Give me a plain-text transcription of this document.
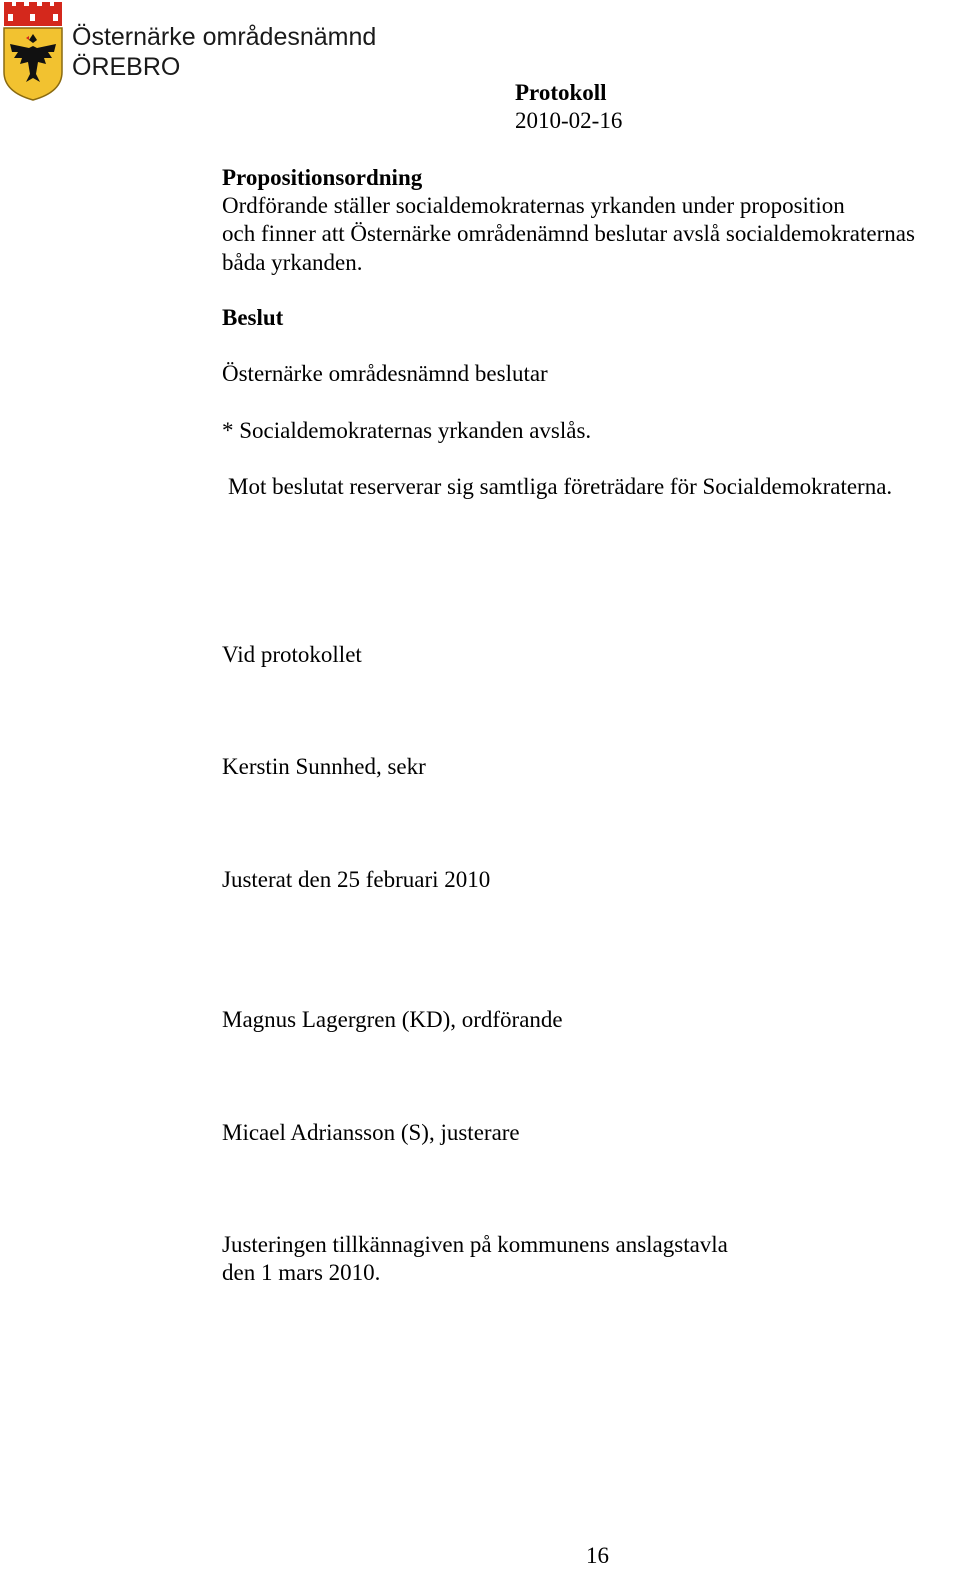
Östernärke områdesnämnd
ÖREBRO
Protokoll
2010-02-16
Propositionsordning
Ordförande ställer socialdemokraternas yrkanden under proposition
och finner att Östernärke områdenämnd beslutar avslå socialdemokraternas
båda yrkanden.
Beslut
Östernärke områdesnämnd beslutar
* Socialdemokraternas yrkanden avslås.
Mot beslutat reserverar sig samtliga företrädare för Socialdemokraterna.
Vid protokollet
Kerstin Sunnhed, sekr
Justerat den 25 februari 2010
Magnus Lagergren (KD), ordförande
Micael Adriansson (S), justerare
Justeringen tillkännagiven på kommunens anslagstavla
den 1 mars 2010.
16
